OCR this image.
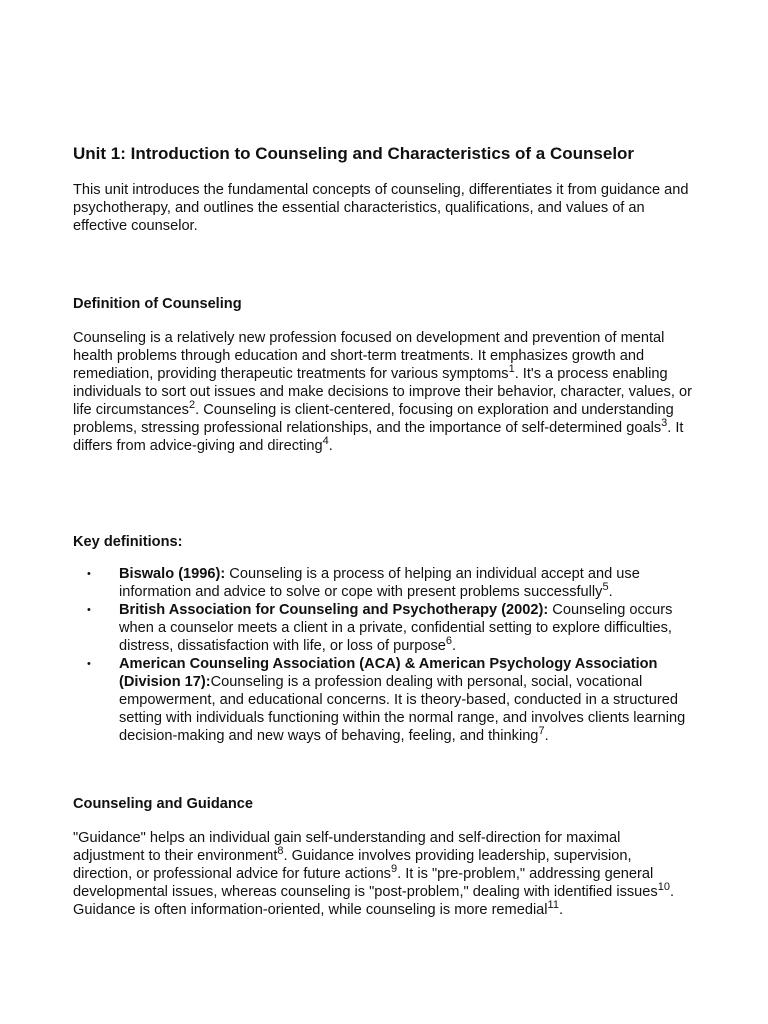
Unit 1: Introduction to Counseling and Characteristics of a Counselor

This unit introduces the fundamental concepts of counseling, differentiates it from guidance and psychotherapy, and outlines the essential characteristics, qualifications, and values of an effective counselor.

Definition of Counseling

Counseling is a relatively new profession focused on development and prevention of mental health problems through education and short-term treatments. It emphasizes growth and remediation, providing therapeutic treatments for various symptoms$^1$. It's a process enabling individuals to sort out issues and make decisions to improve their behavior, character, values, or life circumstances$^2$. Counseling is client-centered, focusing on exploration and understanding problems, stressing professional relationships, and the importance of self-determined goals$^3$. It differs from advice-giving and directing$^4$.

Key definitions:
• Biswalo (1996): Counseling is a process of helping an individual accept and use information and advice to solve or cope with present problems successfully$^5$.
• British Association for Counseling and Psychotherapy (2002): Counseling occurs when a counselor meets a client in a private, confidential setting to explore difficulties, distress, dissatisfaction with life, or loss of purpose$^6$.
• American Counseling Association (ACA) & American Psychology Association (Division 17):Counseling is a profession dealing with personal, social, vocational empowerment, and educational concerns. It is theory-based, conducted in a structured setting with individuals functioning within the normal range, and involves clients learning decision-making and new ways of behaving, feeling, and thinking$^7$.
Counseling and Guidance

"Guidance" helps an individual gain self-understanding and self-direction for maximal adjustment to their environment$^8$. Guidance involves providing leadership, supervision, direction, or professional advice for future actions$^9$. It is "pre-problem," addressing general developmental issues, whereas counseling is "post-problem," dealing with identified issues$^{10}$. Guidance is often information-oriented, while counseling is more remedial$^{11}$.
